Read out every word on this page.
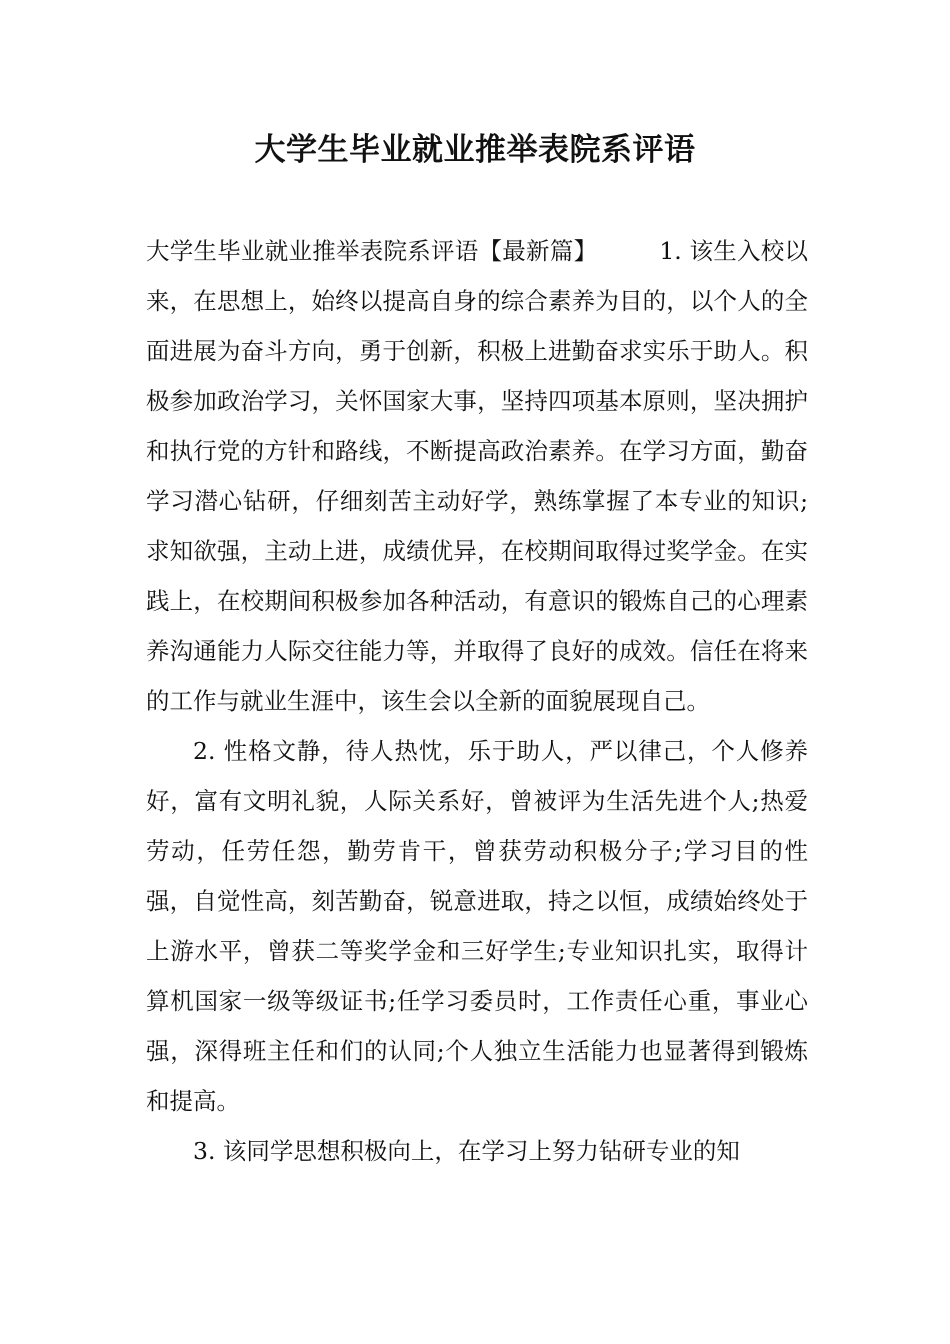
大学生毕业就业推举表院系评语

大学生毕业就业推举表院系评语【最新篇】	1. 该生入校以来，在思想上，始终以提高自身的综合素养为目的，以个人的全面进展为奋斗方向，勇于创新，积极上进勤奋求实乐于助人。积极参加政治学习，关怀国家大事，坚持四项基本原则，坚决拥护和执行党的方针和路线，不断提高政治素养。在学习方面，勤奋学习潜心钻研，仔细刻苦主动好学，熟练掌握了本专业的知识;求知欲强，主动上进，成绩优异，在校期间取得过奖学金。在实践上，在校期间积极参加各种活动，有意识的锻炼自己的心理素养沟通能力人际交往能力等，并取得了良好的成效。信任在将来的工作与就业生涯中，该生会以全新的面貌展现自己。

2. 性格文静，待人热忱，乐于助人，严以律己，个人修养好，富有文明礼貌，人际关系好，曾被评为生活先进个人;热爱劳动，任劳任怨，勤劳肯干，曾获劳动积极分子;学习目的性强，自觉性高，刻苦勤奋，锐意进取，持之以恒，成绩始终处于上游水平，曾获二等奖学金和三好学生;专业知识扎实，取得计算机国家一级等级证书;任学习委员时，工作责任心重，事业心强，深得班主任和们的认同;个人独立生活能力也显著得到锻炼和提高。

3. 该同学思想积极向上，在学习上努力钻研专业的知
